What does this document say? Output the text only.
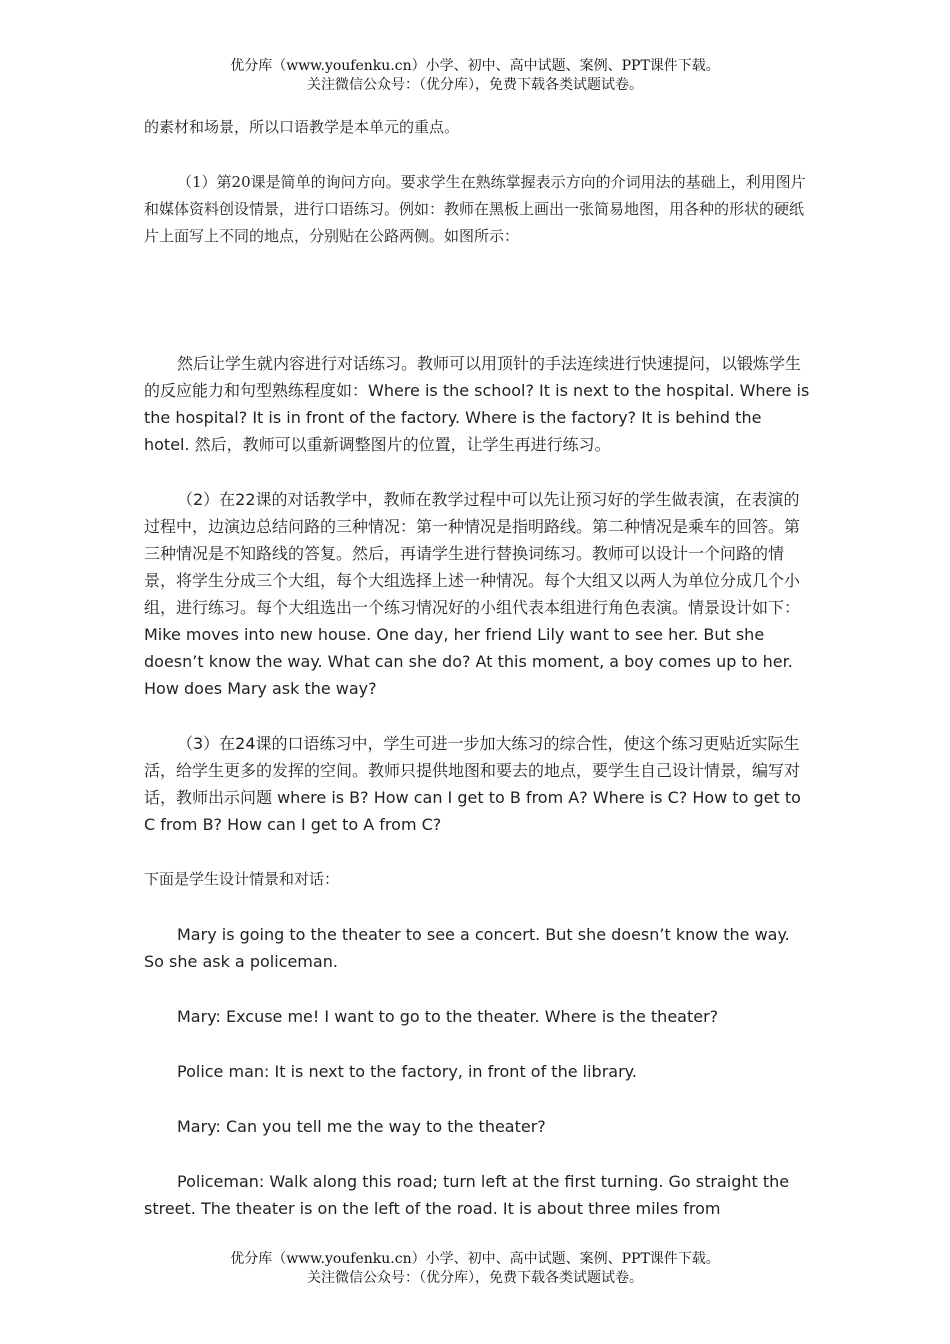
优分库（www.youfenku.cn）小学、初中、高中试题、案例、PPT课件下载。
关注微信公众号：（优分库），免费下载各类试题试卷。

的素材和场景，所以口语教学是本单元的重点。

（1）第20课是简单的询问方向。要求学生在熟练掌握表示方向的介词用法的基础上，利用图片和媒体资料创设情景，进行口语练习。例如：教师在黑板上画出一张简易地图，用各种的形状的硬纸片上面写上不同的地点，分别贴在公路两侧。如图所示：

然后让学生就内容进行对话练习。教师可以用顶针的手法连续进行快速提问，以锻炼学生的反应能力和句型熟练程度如：Where is the school? It is next to the hospital. Where is the hospital? It is in front of the factory. Where is the factory? It is behind the hotel. 然后，教师可以重新调整图片的位置，让学生再进行练习。

（2）在22课的对话教学中，教师在教学过程中可以先让预习好的学生做表演，在表演的过程中，边演边总结问路的三种情况：第一种情况是指明路线。第二种情况是乘车的回答。第三种情况是不知路线的答复。然后，再请学生进行替换词练习。教师可以设计一个问路的情景，将学生分成三个大组，每个大组选择上述一种情况。每个大组又以两人为单位分成几个小组，进行练习。每个大组选出一个练习情况好的小组代表本组进行角色表演。情景设计如下：Mike moves into new house. One day, her friend Lily want to see her. But she doesn’t know the way. What can she do? At this moment, a boy comes up to her. How does Mary ask the way?

（3）在24课的口语练习中，学生可进一步加大练习的综合性，使这个练习更贴近实际生活，给学生更多的发挥的空间。教师只提供地图和要去的地点，要学生自己设计情景，编写对话，教师出示问题 where is B? How can I get to B from A? Where is C? How to get to C from B? How can I get to A from C?

下面是学生设计情景和对话：

Mary is going to the theater to see a concert. But she doesn’t know the way. So she ask a policeman.

Mary: Excuse me! I want to go to the theater. Where is the theater?

Police man: It is next to the factory, in front of the library.

Mary: Can you tell me the way to the theater?

Policeman: Walk along this road; turn left at the first turning. Go straight the street. The theater is on the left of the road. It is about three miles from

优分库（www.youfenku.cn）小学、初中、高中试题、案例、PPT课件下载。
关注微信公众号：（优分库），免费下载各类试题试卷。
